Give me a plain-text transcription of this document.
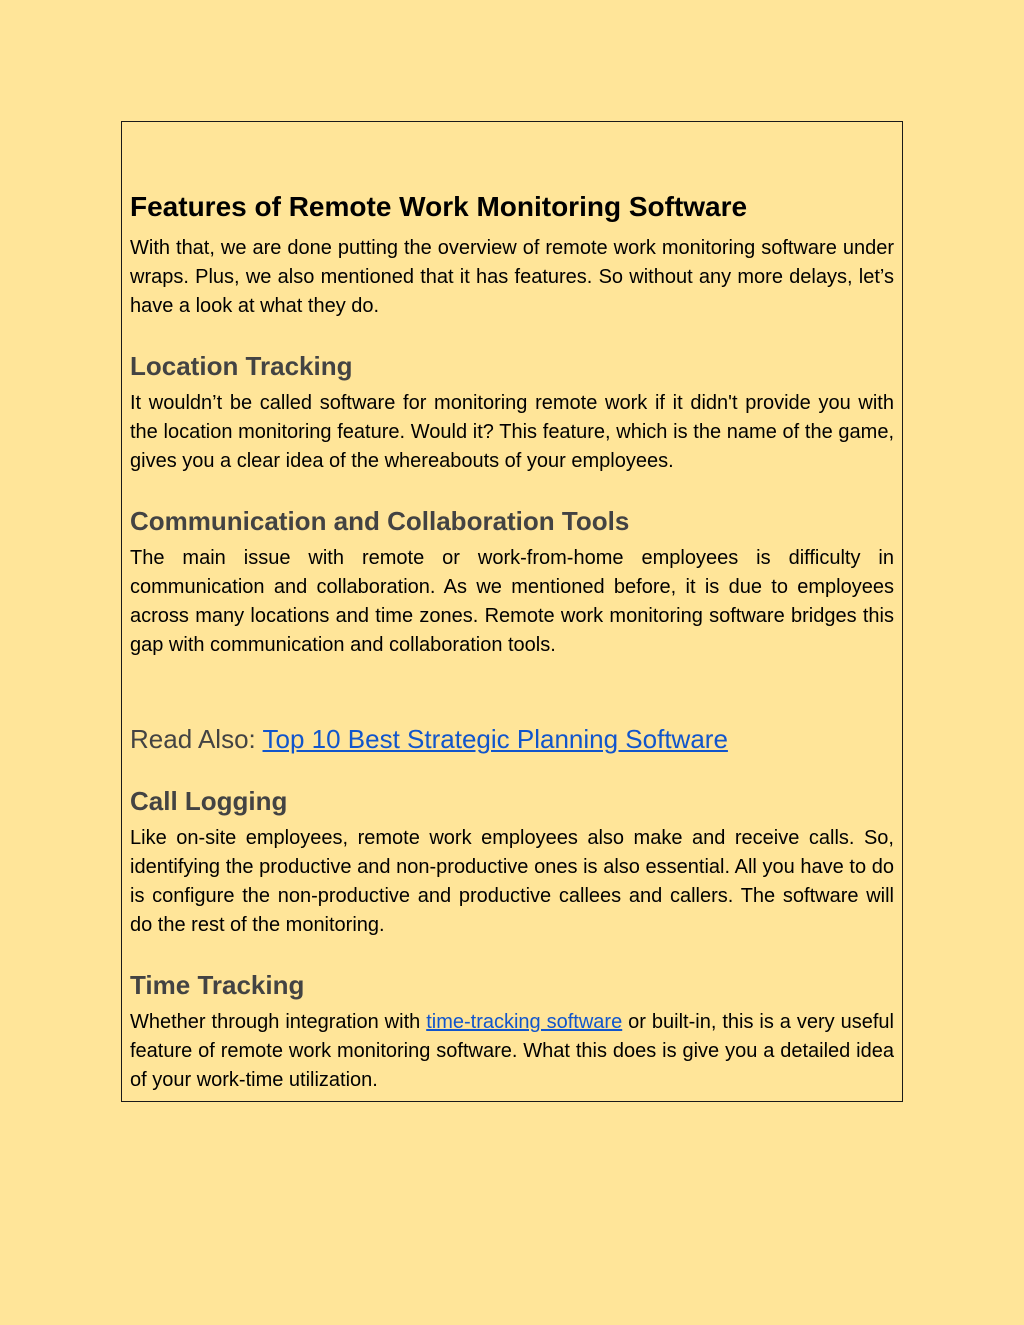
Features of Remote Work Monitoring Software

With that, we are done putting the overview of remote work monitoring software under wraps. Plus, we also mentioned that it has features. So without any more delays, let’s have a look at what they do.

Location Tracking

It wouldn’t be called software for monitoring remote work if it didn't provide you with the location monitoring feature. Would it? This feature, which is the name of the game, gives you a clear idea of the whereabouts of your employees.

Communication and Collaboration Tools

The main issue with remote or work-from-home employees is difficulty in communication and collaboration. As we mentioned before, it is due to employees across many locations and time zones. Remote work monitoring software bridges this gap with communication and collaboration tools.

Read Also: Top 10 Best Strategic Planning Software

Call Logging

Like on-site employees, remote work employees also make and receive calls. So, identifying the productive and non-productive ones is also essential. All you have to do is configure the non-productive and productive callees and callers. The software will do the rest of the monitoring.

Time Tracking

Whether through integration with time-tracking software or built-in, this is a very useful feature of remote work monitoring software. What this does is give you a detailed idea of your work-time utilization.
